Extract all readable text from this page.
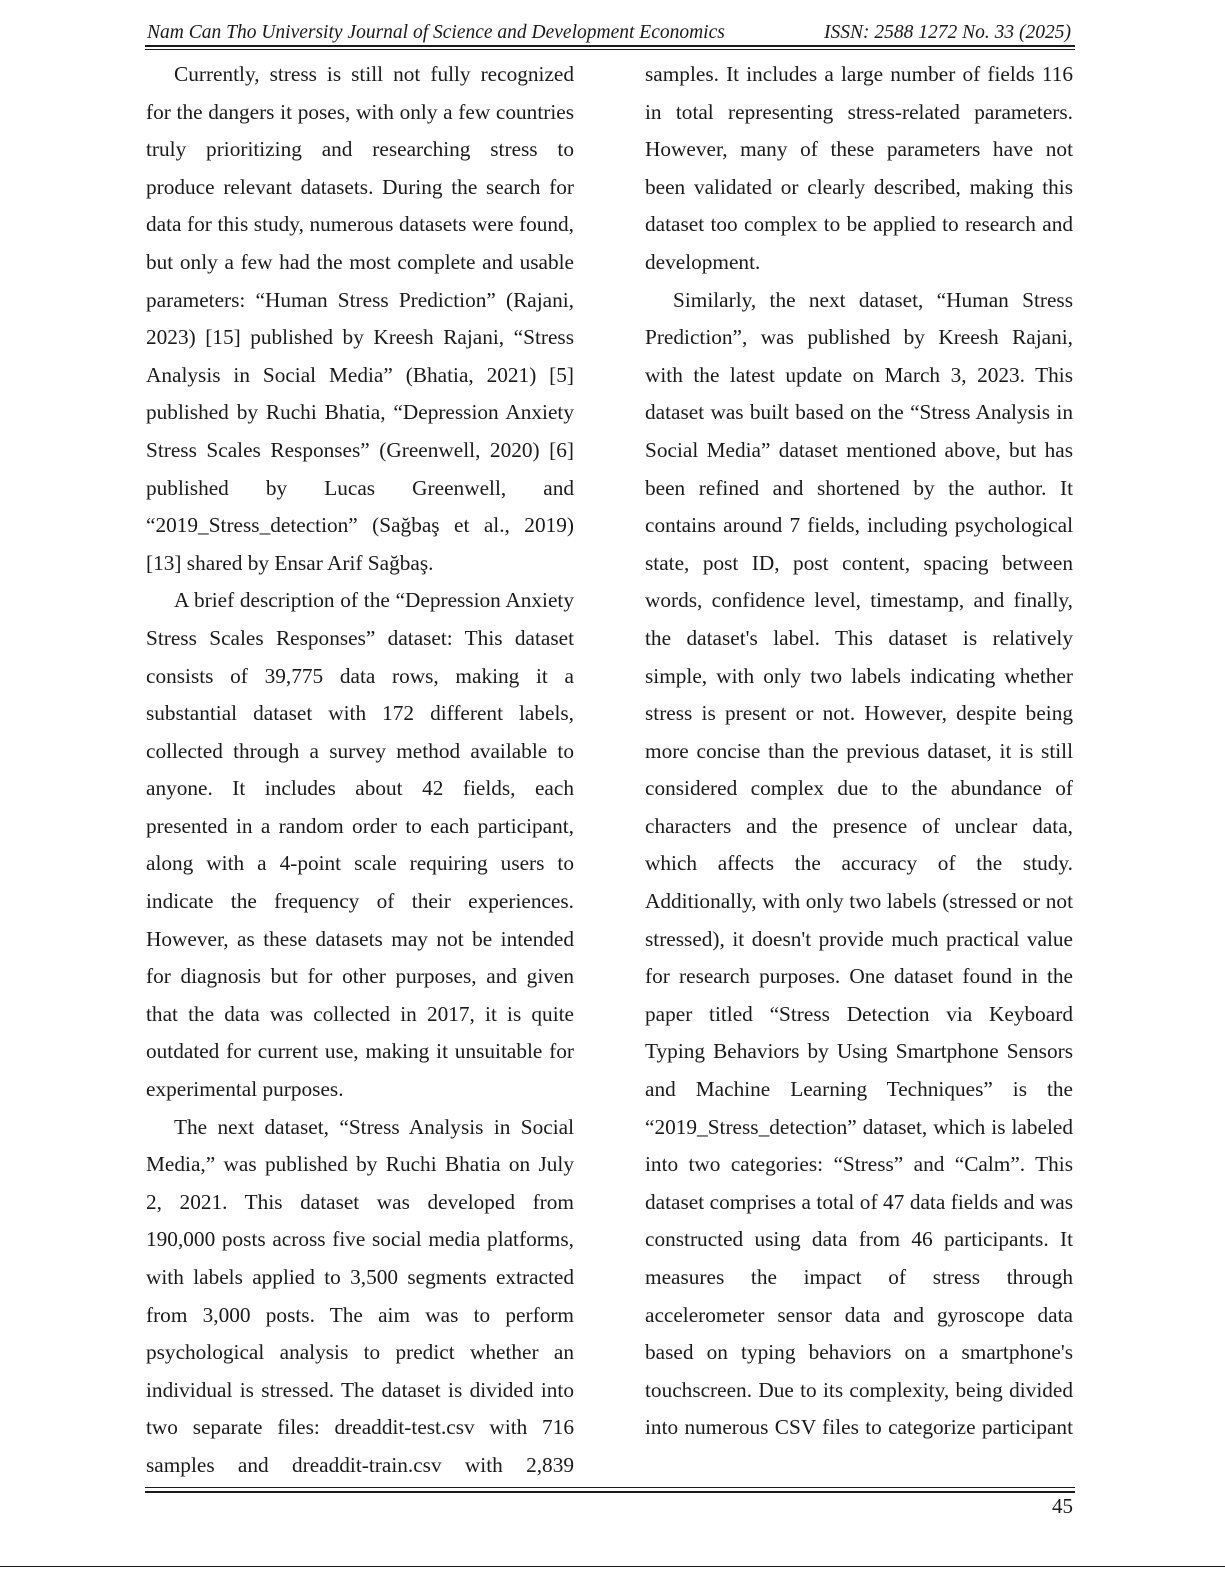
Nam Can Tho University Journal of Science and Development Economics	ISSN: 2588 1272 No. 33 (2025)

Currently, stress is still not fully recognized for the dangers it poses, with only a few countries truly prioritizing and researching stress to produce relevant datasets. During the search for data for this study, numerous datasets were found, but only a few had the most complete and usable parameters: “Human Stress Prediction” (Rajani, 2023) [15] published by Kreesh Rajani, “Stress Analysis in Social Media” (Bhatia, 2021) [5] published by Ruchi Bhatia, “Depression Anxiety Stress Scales Responses” (Greenwell, 2020) [6] published by Lucas Greenwell, and “2019_Stress_detection” (Sağbaş et al., 2019) [13] shared by Ensar Arif Sağbaş.

A brief description of the “Depression Anxiety Stress Scales Responses” dataset: This dataset consists of 39,775 data rows, making it a substantial dataset with 172 different labels, collected through a survey method available to anyone. It includes about 42 fields, each presented in a random order to each participant, along with a 4-point scale requiring users to indicate the frequency of their experiences. However, as these datasets may not be intended for diagnosis but for other purposes, and given that the data was collected in 2017, it is quite outdated for current use, making it unsuitable for experimental purposes.

The next dataset, “Stress Analysis in Social Media,” was published by Ruchi Bhatia on July 2, 2021. This dataset was developed from 190,000 posts across five social media platforms, with labels applied to 3,500 segments extracted from 3,000 posts. The aim was to perform psychological analysis to predict whether an individual is stressed. The dataset is divided into two separate files: dreaddit-test.csv with 716 samples and dreaddit-train.csv with 2,839

samples. It includes a large number of fields 116 in total representing stress-related parameters. However, many of these parameters have not been validated or clearly described, making this dataset too complex to be applied to research and development.

Similarly, the next dataset, “Human Stress Prediction”, was published by Kreesh Rajani, with the latest update on March 3, 2023. This dataset was built based on the “Stress Analysis in Social Media” dataset mentioned above, but has been refined and shortened by the author. It contains around 7 fields, including psychological state, post ID, post content, spacing between words, confidence level, timestamp, and finally, the dataset's label. This dataset is relatively simple, with only two labels indicating whether stress is present or not. However, despite being more concise than the previous dataset, it is still considered complex due to the abundance of characters and the presence of unclear data, which affects the accuracy of the study. Additionally, with only two labels (stressed or not stressed), it doesn't provide much practical value for research purposes. One dataset found in the paper titled “Stress Detection via Keyboard Typing Behaviors by Using Smartphone Sensors and Machine Learning Techniques” is the “2019_Stress_detection” dataset, which is labeled into two categories: “Stress” and “Calm”. This dataset comprises a total of 47 data fields and was constructed using data from 46 participants. It measures the impact of stress through accelerometer sensor data and gyroscope data based on typing behaviors on a smartphone's touchscreen. Due to its complexity, being divided into numerous CSV files to categorize participant

45
